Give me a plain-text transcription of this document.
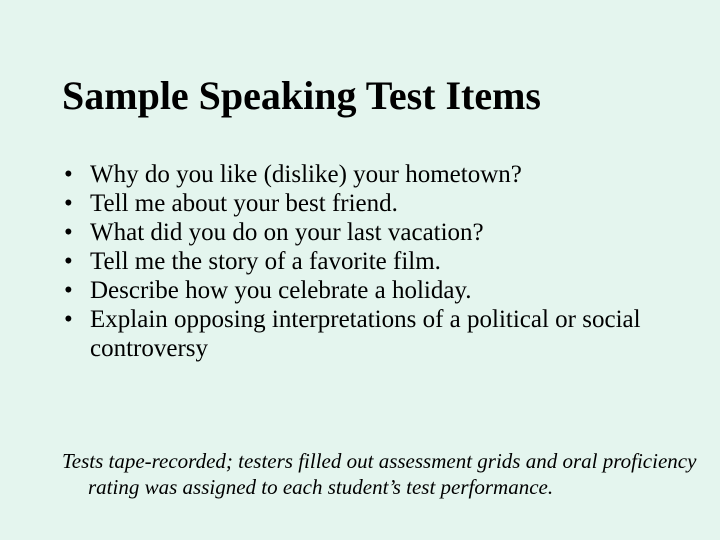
Sample Speaking Test Items
• Why do you like (dislike) your hometown?
• Tell me about your best friend.
• What did you do on your last vacation?
• Tell me the story of a favorite film.
• Describe how you celebrate a holiday.
• Explain opposing interpretations of a political or social controversy

Tests tape-recorded; testers filled out assessment grids and oral proficiency rating was assigned to each student’s test performance.
